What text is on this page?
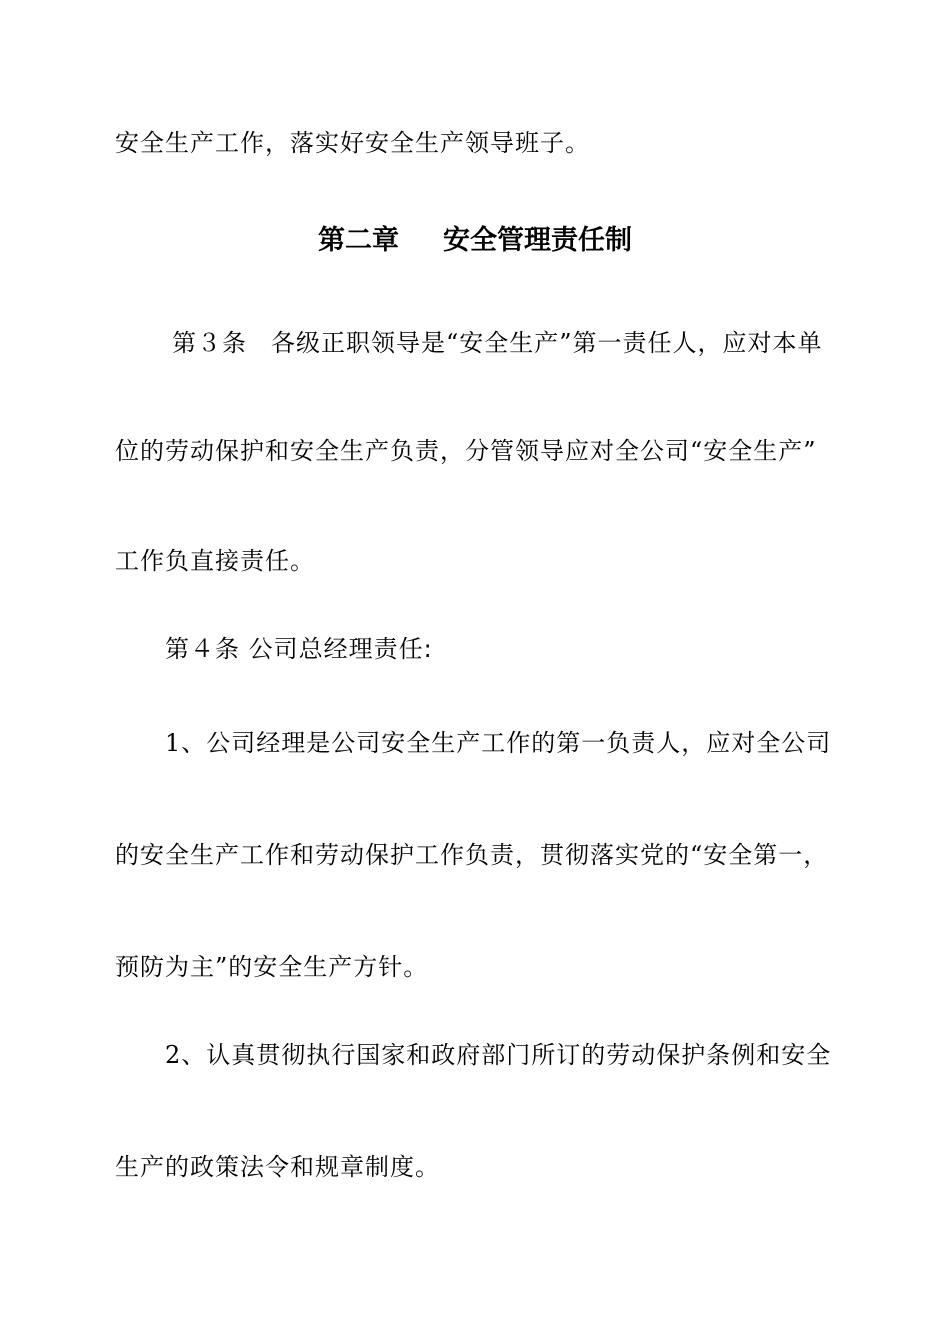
安全生产工作，落实好安全生产领导班子。
第二章 安全管理责任制
第３条 各级正职领导是“安全生产”第一责任人，应对本单
位的劳动保护和安全生产负责，分管领导应对全公司“安全生产”
工作负直接责任。
第４条 公司总经理责任:
1、公司经理是公司安全生产工作的第一负责人，应对全公司
的安全生产工作和劳动保护工作负责，贯彻落实党的“安全第一，
预防为主”的安全生产方针。
2、认真贯彻执行国家和政府部门所订的劳动保护条例和安全
生产的政策法令和规章制度。
